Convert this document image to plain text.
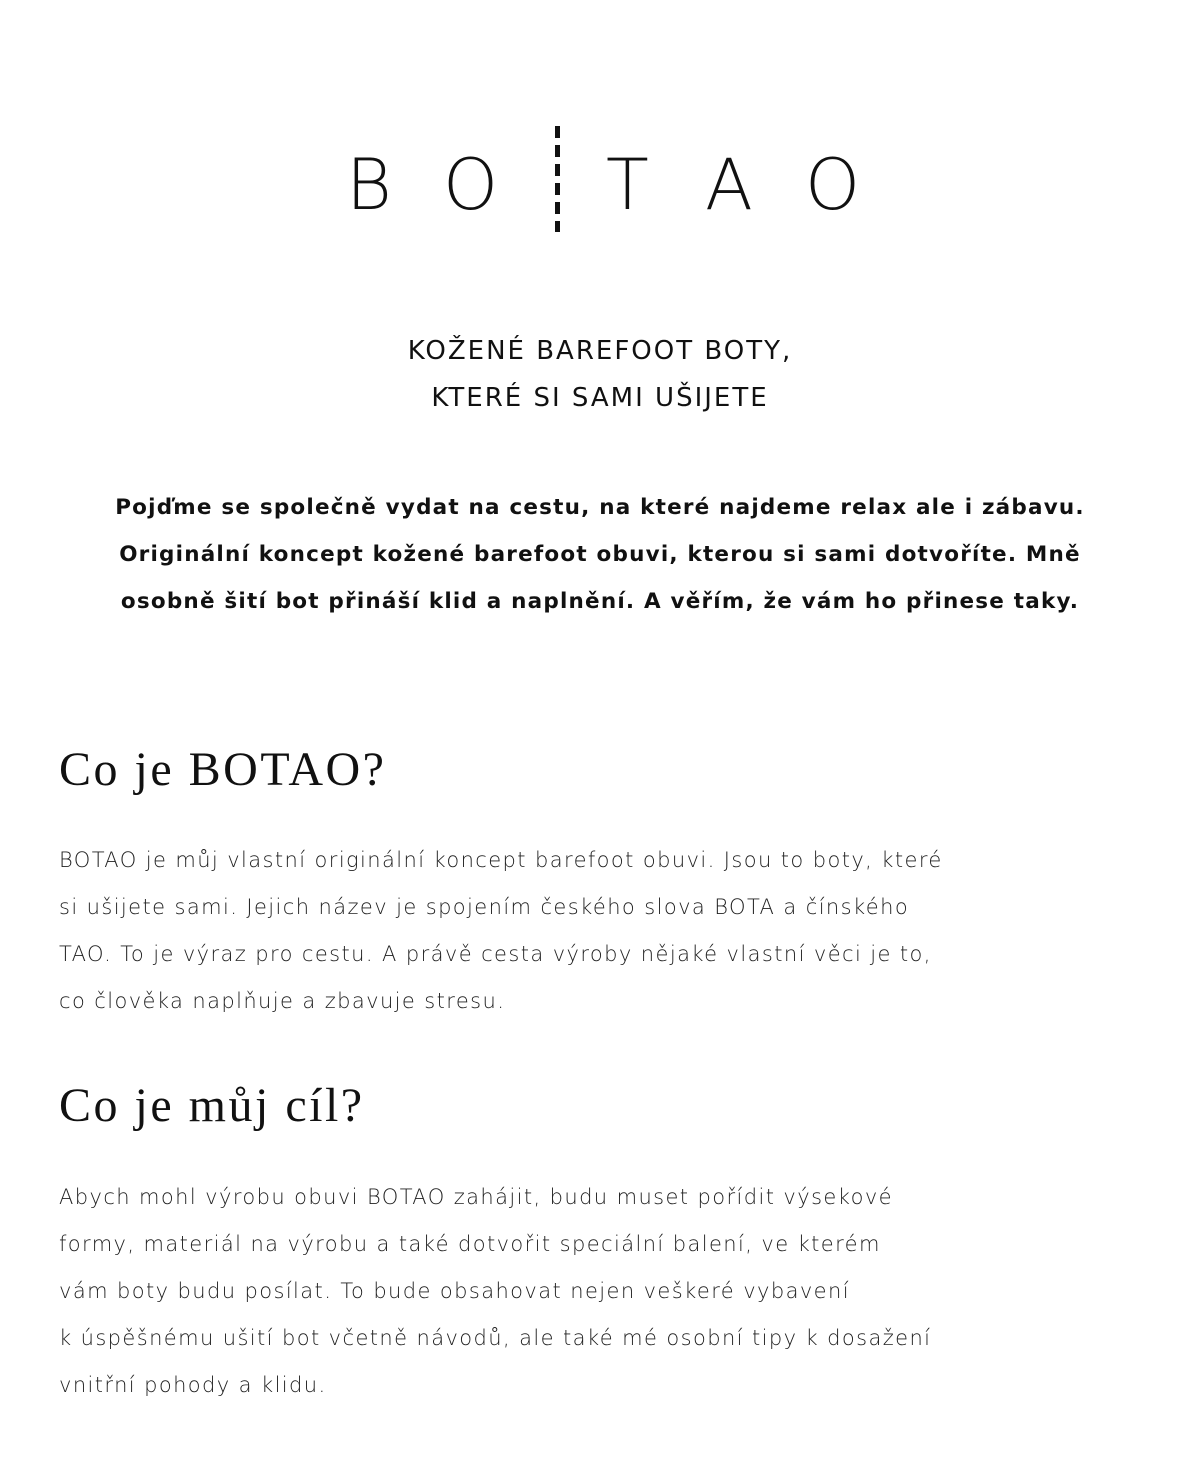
B O T A O
KOŽENÉ BAREFOOT BOTY,
KTERÉ SI SAMI UŠIJETE
Pojďme se společně vydat na cestu, na které najdeme relax ale i zábavu.
Originální koncept kožené barefoot obuvi, kterou si sami dotvoříte. Mně
osobně šití bot přináší klid a naplnění. A věřím, že vám ho přinese taky.
Co je BOTAO?
BOTAO je můj vlastní originální koncept barefoot obuvi. Jsou to boty, které
si ušijete sami. Jejich název je spojením českého slova BOTA a čínského
TAO. To je výraz pro cestu. A právě cesta výroby nějaké vlastní věci je to,
co člověka naplňuje a zbavuje stresu.
Co je můj cíl?
Abych mohl výrobu obuvi BOTAO zahájit, budu muset pořídit výsekové
formy, materiál na výrobu a také dotvořit speciální balení, ve kterém
vám boty budu posílat. To bude obsahovat nejen veškeré vybavení
k úspěšnému ušití bot včetně návodů, ale také mé osobní tipy k dosažení
vnitřní pohody a klidu.
